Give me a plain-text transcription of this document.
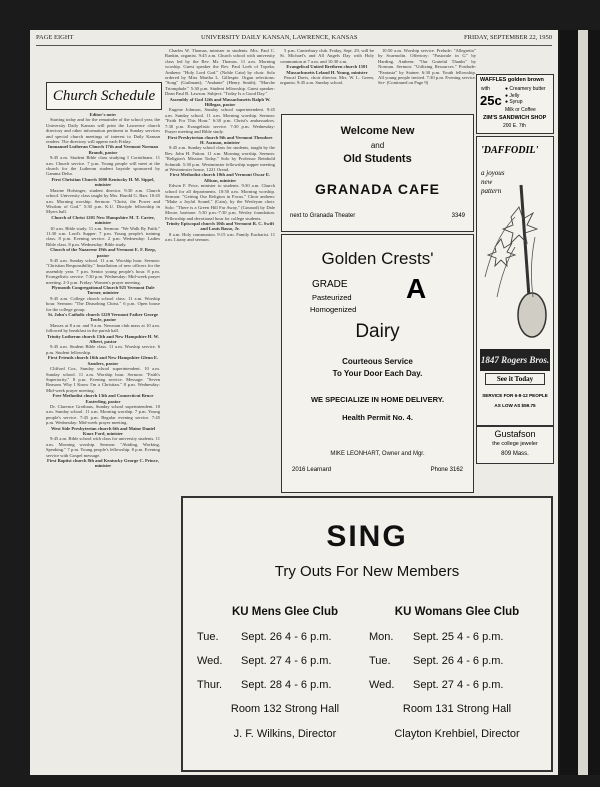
PAGE EIGHT	UNIVERSITY DAILY KANSAN, LAWRENCE, KANSAS	FRIDAY, SEPTEMBER 22, 1950
Church Schedule

Editor's note:

Starting today and for the remainder of the school year, the University Daily Kansan will print the Lawrence church directory and other information pertinent to Sunday services and special church meetings of interest to Daily Kansan readers. The directory will appear each Friday.

Immanuel Lutheran Church 17th and Vermont Norman Brandt, pastor

9:45 a.m. Student Bible class studying I Corinthians. 11 a.m. Church service. 7 p.m. Young people will meet at the church for the Lutheran student hayride sponsored by Gamma Delta.

First Christian Church 1000 Kentucky H. M. Sippel, minister

Maxine Hofsinger, student director. 9:30 a.m. Church school. University class taught by Mrs. Harold G. Barr. 10:45 a.m. Morning worship. Sermon: "Christ, the Power and Wisdom of God." 5:30 p.m. K.U. Disciple fellowship in Myers hall.

Church of Christ 1201 New Hampshire M. T. Carter, minister

10 a.m. Bible study. 11 a.m. Sermon: "We Walk By Faith." 11:30 a.m. Lord's Supper. 7 p.m. Young people's training class. 8 p.m. Evening service. 2 p.m. Wednesday: Ladies Bible class. 8 p.m. Wednesday: Bible study.

Church of the Nazarene 19th and Vermont E. F. Reep, pastor

9:45 a.m. Sunday school. 11 a.m. Worship hour. Sermon: "Christian Responsibility." Installation of new officers for the assembly year. 7 p.m. Senior young people's hour. 8 p.m. Evangelistic service. 7:30 p.m. Wednesday: Mid-week prayer meeting. 2-3 p.m. Friday: Women's prayer meeting.

Plymouth Congregational Church 925 Vermont Dale Turner, minister

9:45 a.m. College church school class. 11 a.m. Worship hour. Sermon: "The Disturbing Christ." 6 p.m. Open house for the college group.

St. John's Catholic church 1229 Vermont Father George Towle, pastor

Masses at 8 a.m. and 9 a.m. Newman club mass at 10 a.m. followed by breakfast in the parish hall.

Trinity Lutheran church 13th and New Hampshire H. W. Albert, pastor

9:45 a.m. Student Bible class. 11 a.m. Worship service. 6 p.m. Student fellowship.

First Friends church 16th and New Hampshire Glenn E. Sanders, pastor

Clifford Cox, Sunday school superintendent. 10 a.m. Sunday school. 11 a.m. Worship hour. Sermon: "Faith's Superiority." 8 p.m. Evening service. Message: "Seven Reasons Why I Know I'm a Christian." 8 p.m. Wednesday: Mid-week prayer meeting.

Free Methodist church 13th and Connecticut Bruce Easterling, pastor

Dr. Clarence Grothaus, Sunday school superintendent. 10 a.m. Sunday school. 11 a.m. Morning worship. 7 p.m. Young people's service. 7:45 p.m. Regular evening service. 7:45 p.m. Wednesday: Mid-week prayer meeting.

West Side Presbyterian church 6th and Maine Daniel Knox Ford, minister

9:45 a.m. Bible school with class for university students. 11 a.m. Morning worship. Sermon: "Abiding, Working, Speaking." 7 p.m. Young people's fellowship. 8 p.m. Evening service with Gospel message.

First Baptist church 8th and Kentucky George C. Prince, minister

Charles W. Thomas, minister to students. Mrs. Paul C. Rankin, organist. 9:45 a.m. Church school with university class led by the Rev. Mr. Thomas. 11 a.m. Morning worship. Guest speaker the Rev. Paul Loeb of Topeka. Anthem: "Holy Lord God." (Noble Cain) by choir. Solo ordered by Miss Martha L. Gillespie. Organ selections: "Song" (Guilmant); "Andante" (Henry Smith); "Marche Triomphale." 5:30 p.m. Student fellowship. Guest speaker: Dean Paul B. Lawson. Subject: "Today Is a Good Day."

Assembly of God 12th and Massachusetts Ralph W. Hillegas, pastor

Eugene Johnson, Sunday school superintendent. 9:45 a.m. Sunday school. 11 a.m. Morning worship. Sermon: "Faith For This Hour." 6:30 p.m. Christ's ambassadors. 7:30 p.m. Evangelistic service. 7:30 p.m. Wednesday: Prayer meeting and Bible study.

First Presbyterian church 9th and Vermont Theodore H. Aszman, minister

9:45 a.m. Sunday school class for students, taught by the Rev. John H. Patton. 11 a.m. Morning worship. Sermon: "Religion's Mission Today." Solo by Professor Reinhold Schmidt. 5:30 p.m. Westminster fellowship supper meeting at Westminster house, 1221 Oread.

First Methodist church 10th and Vermont Oscar E. Allison, minister

Edwin F. Price, minister to students. 9:30 a.m. Church school for all departments. 10:50 a.m. Morning worship. Sermon: "Getting Our Religion in Focus." Choir anthem: "Make a Joyful Sound," (Cain), by the Wesleyan choir. Solo: "There is a Green Hill Far Away," (Gounod) by Dale Moore, baritone. 5:30 p.m.-7:30 p.m. Wesley foundation. Fellowship and devotional hour for college students.

Trinity Episcopal church 10th and Vermont R. C. Swift and Louis Basso, Jr.

8 a.m. Holy communion. 9:15 a.m. Family Eucharist. 11 a.m. Litany and sermon.

5 p.m. Canterbury club. Friday, Sept. 29, will be St. Michael's and All Angels Day with Holy communion at 7 a.m. and 10:30 a.m.

Evangelical United Brethren church 1501 Massachusetts Leland H. Young, minister

Pascal Davis, choir director. Mrs. W. L. Green, organist. 9:45 a.m. Sunday school.

10:50 a.m. Worship service. Prelude: "Allegretto" by Scarmolin. Offertory: "Pastorale in G" by Harding. Anthem: "Our Grateful Thanks" by Norman. Sermon: "Utilizing Resources." Postlude: "Fantasia" by Stainer. 6:30 p.m. Youth fellowship. All young people invited. 7:30 p.m. Evening service. Ser- (Continued on Page 9)

Welcome New
and
Old Students
GRANADA CAFE
next to Granada Theater	3349
Golden Crests'
GRADE A
Pasteurized
Homogenized
Dairy
Courteous Service
To Your Door Each Day.
WE SPECIALIZE IN HOME DELIVERY.
Health Permit No. 4.
MIKE LEONHART, Owner and Mgr.
2016 Learnard	Phone 3162
WAFFLES golden brown
with
25c
● Creamery butter
● Jelly
● Syrup
Milk or Coffee
ZIM'S SANDWICH SHOP
200 E. 7th
'DAFFODIL'
a joyous
new
pattern
1847 Rogers Bros.
See it Today
SERVICE FOR 6-8-12 PEOPLE
AS LOW AS $59.75
Gustafson
the college jeweler
809 Mass.
SING
Try Outs For New Members
KU Mens Glee Club
Tue.	Sept. 26 4 - 6 p.m.
Wed.	Sept. 27 4 - 6 p.m.
Thur.	Sept. 28 4 - 6 p.m.
Room 132 Strong Hall
J. F. Wilkins, Director
KU Womans Glee Club
Mon.	Sept. 25 4 - 6 p.m.
Tue.	Sept. 26 4 - 6 p.m.
Wed.	Sept. 27 4 - 6 p.m.
Room 131 Strong Hall
Clayton Krehbiel, Director
